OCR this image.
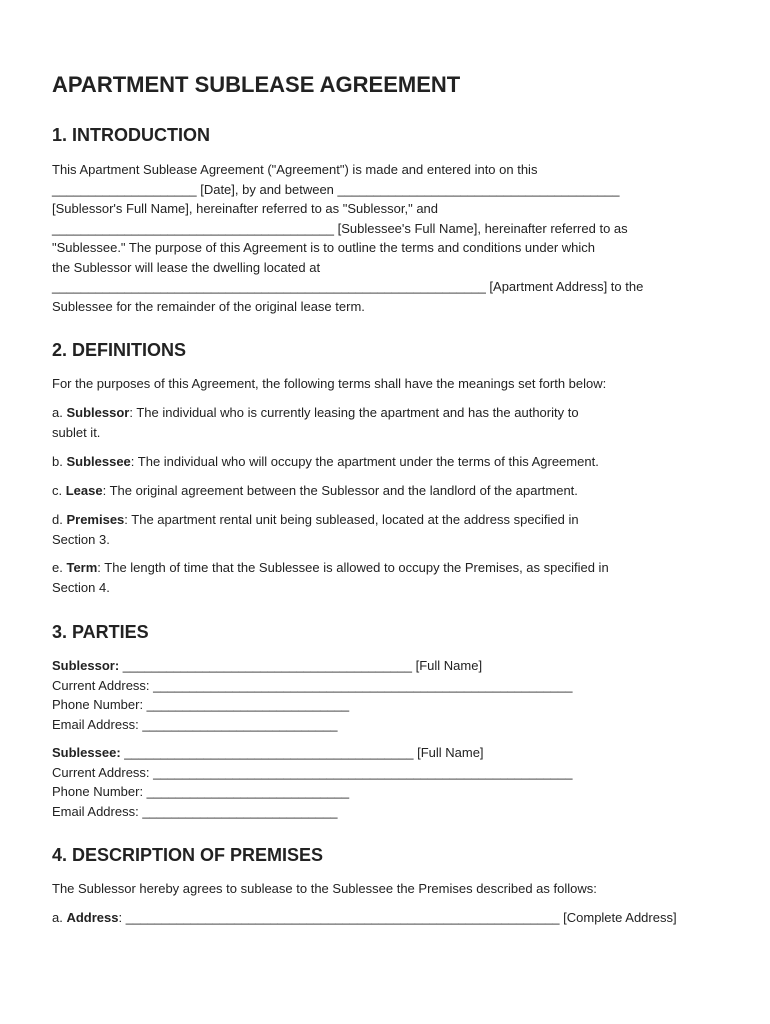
APARTMENT SUBLEASE AGREEMENT
1. INTRODUCTION
This Apartment Sublease Agreement ("Agreement") is made and entered into on this
____________________ [Date], by and between _______________________________________
[Sublessor's Full Name], hereinafter referred to as "Sublessor," and
_______________________________________ [Sublessee's Full Name], hereinafter referred to as
"Sublessee." The purpose of this Agreement is to outline the terms and conditions under which
the Sublessor will lease the dwelling located at
____________________________________________________________ [Apartment Address] to the
Sublessee for the remainder of the original lease term.
2. DEFINITIONS
For the purposes of this Agreement, the following terms shall have the meanings set forth below:
a. Sublessor: The individual who is currently leasing the apartment and has the authority to
sublet it.
b. Sublessee: The individual who will occupy the apartment under the terms of this Agreement.
c. Lease: The original agreement between the Sublessor and the landlord of the apartment.
d. Premises: The apartment rental unit being subleased, located at the address specified in
Section 3.
e. Term: The length of time that the Sublessee is allowed to occupy the Premises, as specified in
Section 4.
3. PARTIES
Sublessor: ________________________________________ [Full Name]
Current Address: __________________________________________________________
Phone Number: ____________________________
Email Address: ___________________________
Sublessee: ________________________________________ [Full Name]
Current Address: __________________________________________________________
Phone Number: ____________________________
Email Address: ___________________________
4. DESCRIPTION OF PREMISES
The Sublessor hereby agrees to sublease to the Sublessee the Premises described as follows:
a. Address: ____________________________________________________________ [Complete Address]
